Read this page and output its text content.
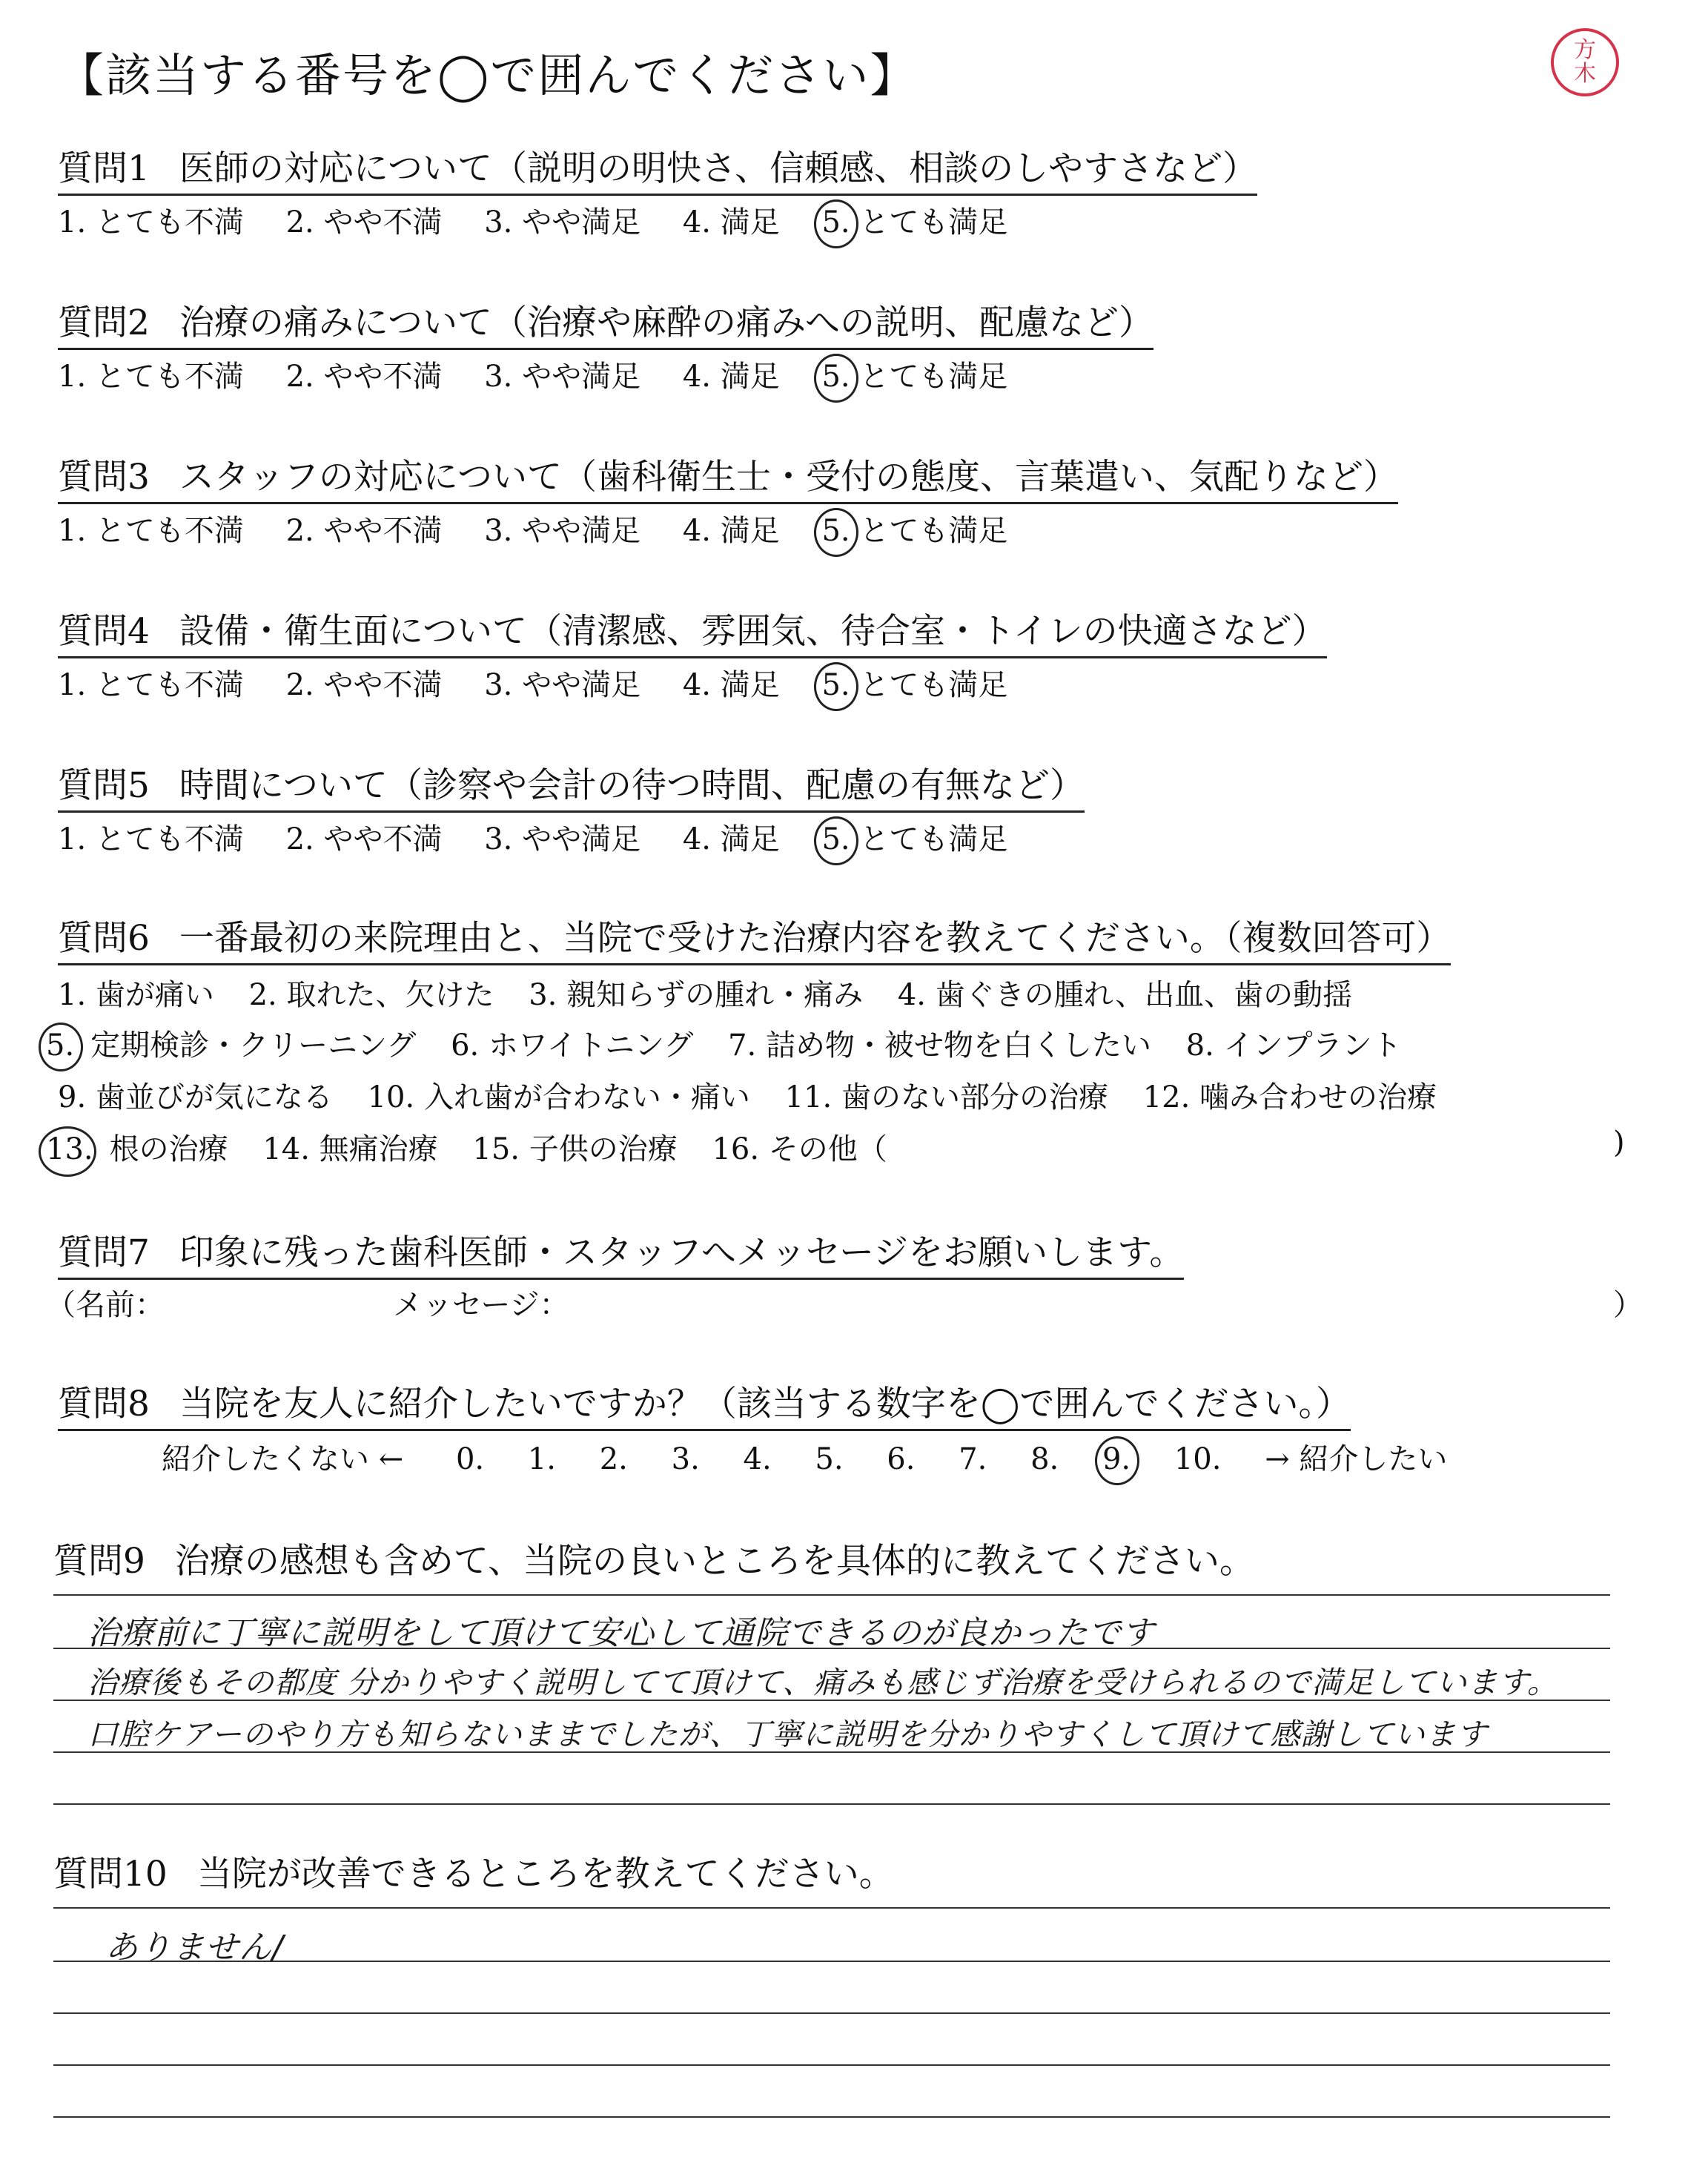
【該当する番号を◯で囲んでください】	方
木
質問1 医師の対応について（説明の明快さ、信頼感、相談のしやすさなど）
1. とても不満 2. やや不満 3. やや満足 4. 満足 5. とても満足
質問2 治療の痛みについて（治療や麻酔の痛みへの説明、配慮など）
1. とても不満 2. やや不満 3. やや満足 4. 満足 5. とても満足
質問3 スタッフの対応について（歯科衛生士・受付の態度、言葉遣い、気配りなど）
1. とても不満 2. やや不満 3. やや満足 4. 満足 5. とても満足
質問4 設備・衛生面について（清潔感、雰囲気、待合室・トイレの快適さなど）
1. とても不満 2. やや不満 3. やや満足 4. 満足 5. とても満足
質問5 時間について（診察や会計の待つ時間、配慮の有無など）
1. とても不満 2. やや不満 3. やや満足 4. 満足 5. とても満足
質問6 一番最初の来院理由と、当院で受けた治療内容を教えてください。（複数回答可）
1. 歯が痛い 2. 取れた、欠けた 3. 親知らずの腫れ・痛み 4. 歯ぐきの腫れ、出血、歯の動揺
5. 定期検診・クリーニング 6. ホワイトニング 7. 詰め物・被せ物を白くしたい 8. インプラント
9. 歯並びが気になる 10. 入れ歯が合わない・痛い 11. 歯のない部分の治療 12. 噛み合わせの治療
13. 根の治療 14. 無痛治療 15. 子供の治療 16. その他（	)
質問7 印象に残った歯科医師・スタッフへメッセージをお願いします。
（名前：	メッセージ：	）
質問8 当院を友人に紹介したいですか？（該当する数字を◯で囲んでください。）
紹介したくない ← 0. 1. 2. 3. 4. 5. 6. 7. 8. 9. 10. → 紹介したい
質問9 治療の感想も含めて、当院の良いところを具体的に教えてください。
治療前に丁寧に説明をして頂けて安心して通院できるのが良かったです
治療後もその都度 分かりやすく説明してて頂けて、痛みも感じず治療を受けられるので満足しています。
口腔ケアーのやり方も知らないままでしたが、丁寧に説明を分かりやすくして頂けて感謝しています
質問10 当院が改善できるところを教えてください。
ありません/
